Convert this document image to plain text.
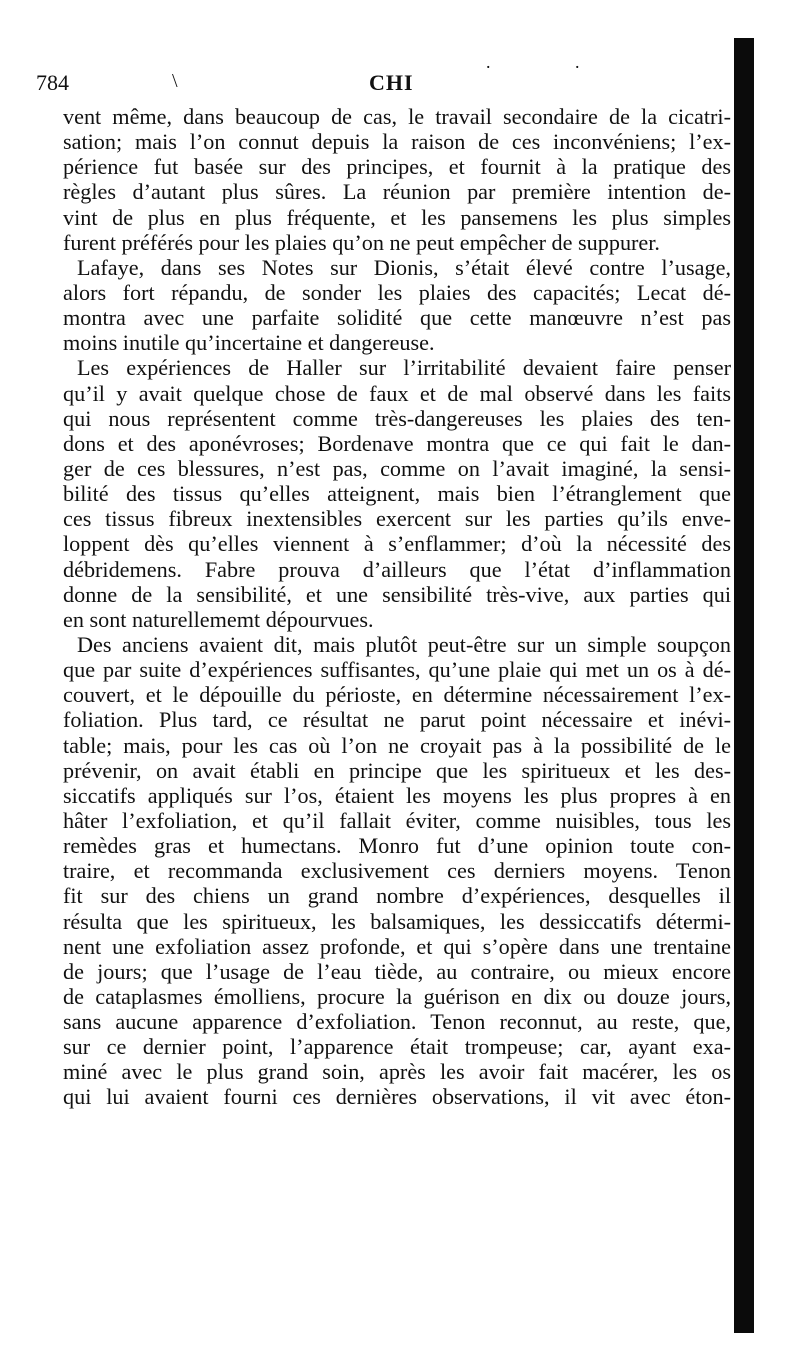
784	\	CHI
. .
vent même, dans beaucoup de cas, le travail secondaire de la cicatri-
sation; mais l’on connut depuis la raison de ces inconvéniens; l’ex-
périence fut basée sur des principes, et fournit à la pratique des
règles d’autant plus sûres. La réunion par première intention de-
vint de plus en plus fréquente, et les pansemens les plus simples
furent préférés pour les plaies qu’on ne peut empêcher de suppurer.
Lafaye, dans ses Notes sur Dionis, s’était élevé contre l’usage,
alors fort répandu, de sonder les plaies des capacités; Lecat dé-
montra avec une parfaite solidité que cette manœuvre n’est pas
moins inutile qu’incertaine et dangereuse.
Les expériences de Haller sur l’irritabilité devaient faire penser
qu’il y avait quelque chose de faux et de mal observé dans les faits
qui nous représentent comme très-dangereuses les plaies des ten-
dons et des aponévroses; Bordenave montra que ce qui fait le dan-
ger de ces blessures, n’est pas, comme on l’avait imaginé, la sensi-
bilité des tissus qu’elles atteignent, mais bien l’étranglement que
ces tissus fibreux inextensibles exercent sur les parties qu’ils enve-
loppent dès qu’elles viennent à s’enflammer; d’où la nécessité des
débridemens. Fabre prouva d’ailleurs que l’état d’inflammation
donne de la sensibilité, et une sensibilité très-vive, aux parties qui
en sont naturellememt dépourvues.
Des anciens avaient dit, mais plutôt peut-être sur un simple soupçon
que par suite d’expériences suffisantes, qu’une plaie qui met un os à dé-
couvert, et le dépouille du périoste, en détermine nécessairement l’ex-
foliation. Plus tard, ce résultat ne parut point nécessaire et inévi-
table; mais, pour les cas où l’on ne croyait pas à la possibilité de le
prévenir, on avait établi en principe que les spiritueux et les des-
siccatifs appliqués sur l’os, étaient les moyens les plus propres à en
hâter l’exfoliation, et qu’il fallait éviter, comme nuisibles, tous les
remèdes gras et humectans. Monro fut d’une opinion toute con-
traire, et recommanda exclusivement ces derniers moyens. Tenon
fit sur des chiens un grand nombre d’expériences, desquelles il
résulta que les spiritueux, les balsamiques, les dessiccatifs détermi-
nent une exfoliation assez profonde, et qui s’opère dans une trentaine
de jours; que l’usage de l’eau tiède, au contraire, ou mieux encore
de cataplasmes émolliens, procure la guérison en dix ou douze jours,
sans aucune apparence d’exfoliation. Tenon reconnut, au reste, que,
sur ce dernier point, l’apparence était trompeuse; car, ayant exa-
miné avec le plus grand soin, après les avoir fait macérer, les os
qui lui avaient fourni ces dernières observations, il vit avec éton-
